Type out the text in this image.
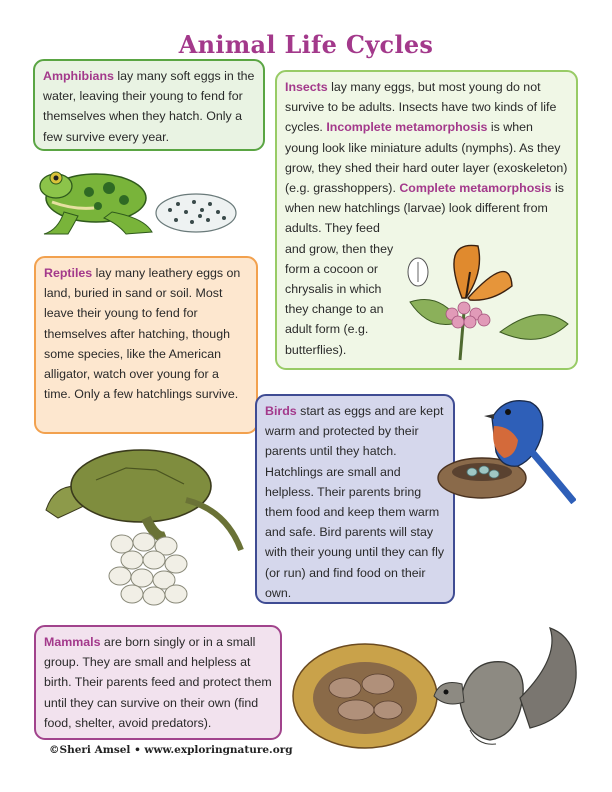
Animal Life Cycles
Amphibians lay many soft eggs in the water, leaving their young to fend for themselves when they hatch. Only a few survive every year.
Insects lay many eggs, but most young do not survive to be adults. Insects have two kinds of life cycles. Incomplete metamorphosis is when young look like miniature adults (nymphs). As they grow, they shed their hard outer layer (exoskeleton) (e.g. grasshoppers). Complete metamorphosis is when new hatchlings (larvae) look different from adults. They feed
and grow, then they form a cocoon or chrysalis in which they change to an adult form (e.g. butterflies).
Reptiles lay many leathery eggs on land, buried in sand or soil. Most leave their young to fend for themselves after hatching, though some species, like the American alligator, watch over young for a time. Only a few hatchlings survive.
Birds start as eggs and are kept warm and protected by their parents until they hatch. Hatchlings are small and helpless. Their parents bring them food and keep them warm and safe. Bird parents will stay with their young until they can fly (or run) and find food on their own.
Mammals are born singly or in a small group. They are small and helpless at birth. Their parents feed and protect them until they can survive on their own (find food, shelter, avoid predators).
©Sheri Amsel • www.exploringnature.org
